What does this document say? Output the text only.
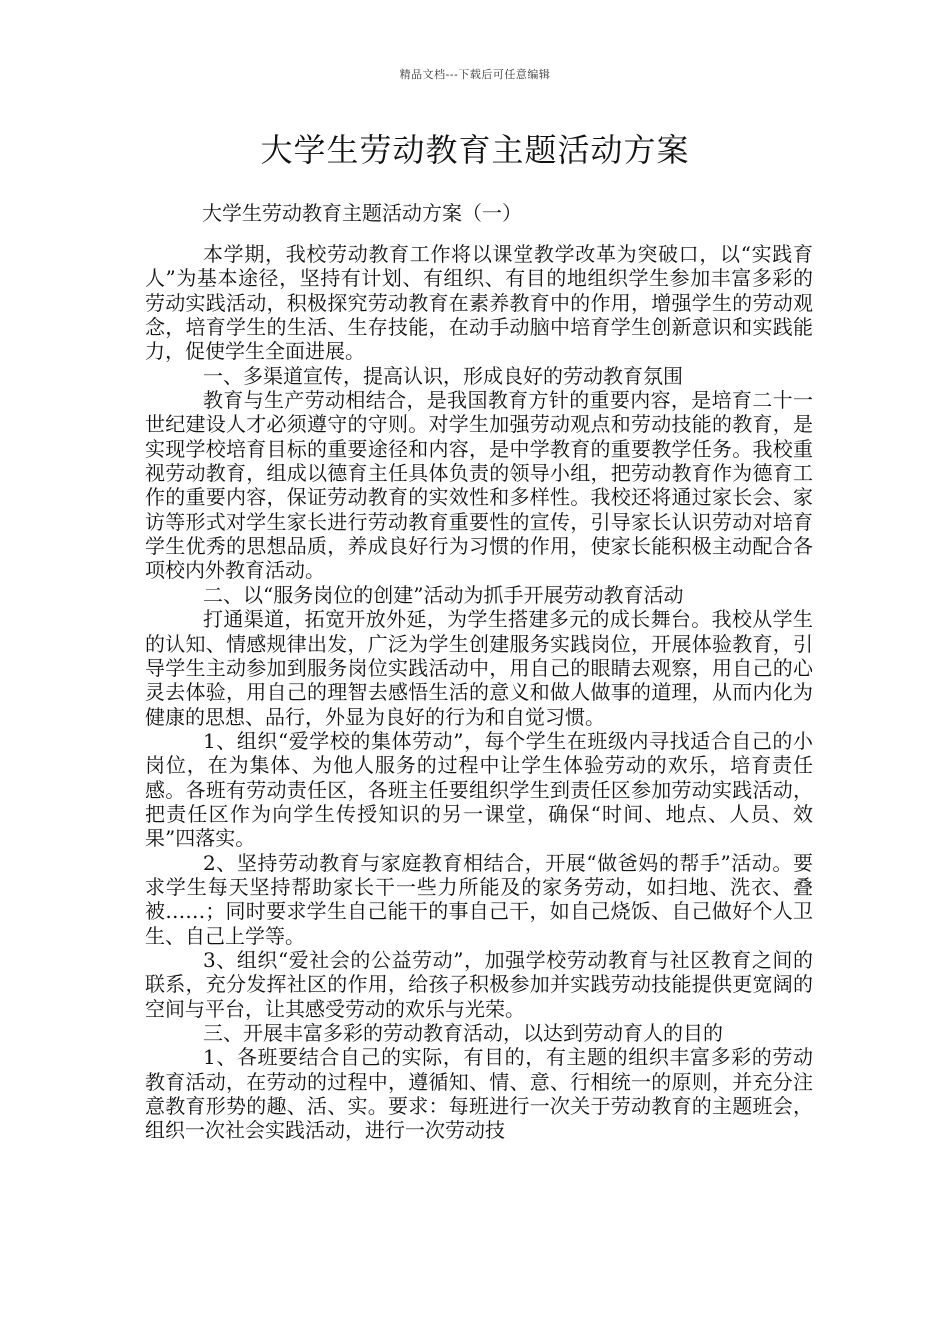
精品文档---下载后可任意编辑
大学生劳动教育主题活动方案
大学生劳动教育主题活动方案（一）

本学期，我校劳动教育工作将以课堂教学改革为突破口，以“实践育人”为基本途径，坚持有计划、有组织、有目的地组织学生参加丰富多彩的劳动实践活动，积极探究劳动教育在素养教育中的作用，增强学生的劳动观念，培育学生的生活、生存技能，在动手动脑中培育学生创新意识和实践能力，促使学生全面进展。

一、多渠道宣传，提高认识，形成良好的劳动教育氛围

教育与生产劳动相结合，是我国教育方针的重要内容，是培育二十一世纪建设人才必须遵守的守则。对学生加强劳动观点和劳动技能的教育，是实现学校培育目标的重要途径和内容，是中学教育的重要教学任务。我校重视劳动教育，组成以德育主任具体负责的领导小组，把劳动教育作为德育工作的重要内容，保证劳动教育的实效性和多样性。我校还将通过家长会、家访等形式对学生家长进行劳动教育重要性的宣传，引导家长认识劳动对培育学生优秀的思想品质，养成良好行为习惯的作用，使家长能积极主动配合各项校内外教育活动。

二、以“服务岗位的创建”活动为抓手开展劳动教育活动

打通渠道，拓宽开放外延，为学生搭建多元的成长舞台。我校从学生的认知、情感规律出发，广泛为学生创建服务实践岗位，开展体验教育，引导学生主动参加到服务岗位实践活动中，用自己的眼睛去观察，用自己的心灵去体验，用自己的理智去感悟生活的意义和做人做事的道理，从而内化为健康的思想、品行，外显为良好的行为和自觉习惯。

1、组织“爱学校的集体劳动”，每个学生在班级内寻找适合自己的小岗位，在为集体、为他人服务的过程中让学生体验劳动的欢乐，培育责任感。各班有劳动责任区，各班主任要组织学生到责任区参加劳动实践活动，把责任区作为向学生传授知识的另一课堂，确保“时间、地点、人员、效果”四落实。

2、坚持劳动教育与家庭教育相结合，开展“做爸妈的帮手”活动。要求学生每天坚持帮助家长干一些力所能及的家务劳动，如扫地、洗衣、叠被……；同时要求学生自己能干的事自己干，如自己烧饭、自己做好个人卫生、自己上学等。

3、组织“爱社会的公益劳动”，加强学校劳动教育与社区教育之间的联系，充分发挥社区的作用，给孩子积极参加并实践劳动技能提供更宽阔的空间与平台，让其感受劳动的欢乐与光荣。

三、开展丰富多彩的劳动教育活动，以达到劳动育人的目的

1、各班要结合自己的实际，有目的，有主题的组织丰富多彩的劳动教育活动，在劳动的过程中，遵循知、情、意、行相统一的原则，并充分注意教育形势的趣、活、实。要求：每班进行一次关于劳动教育的主题班会，组织一次社会实践活动，进行一次劳动技
